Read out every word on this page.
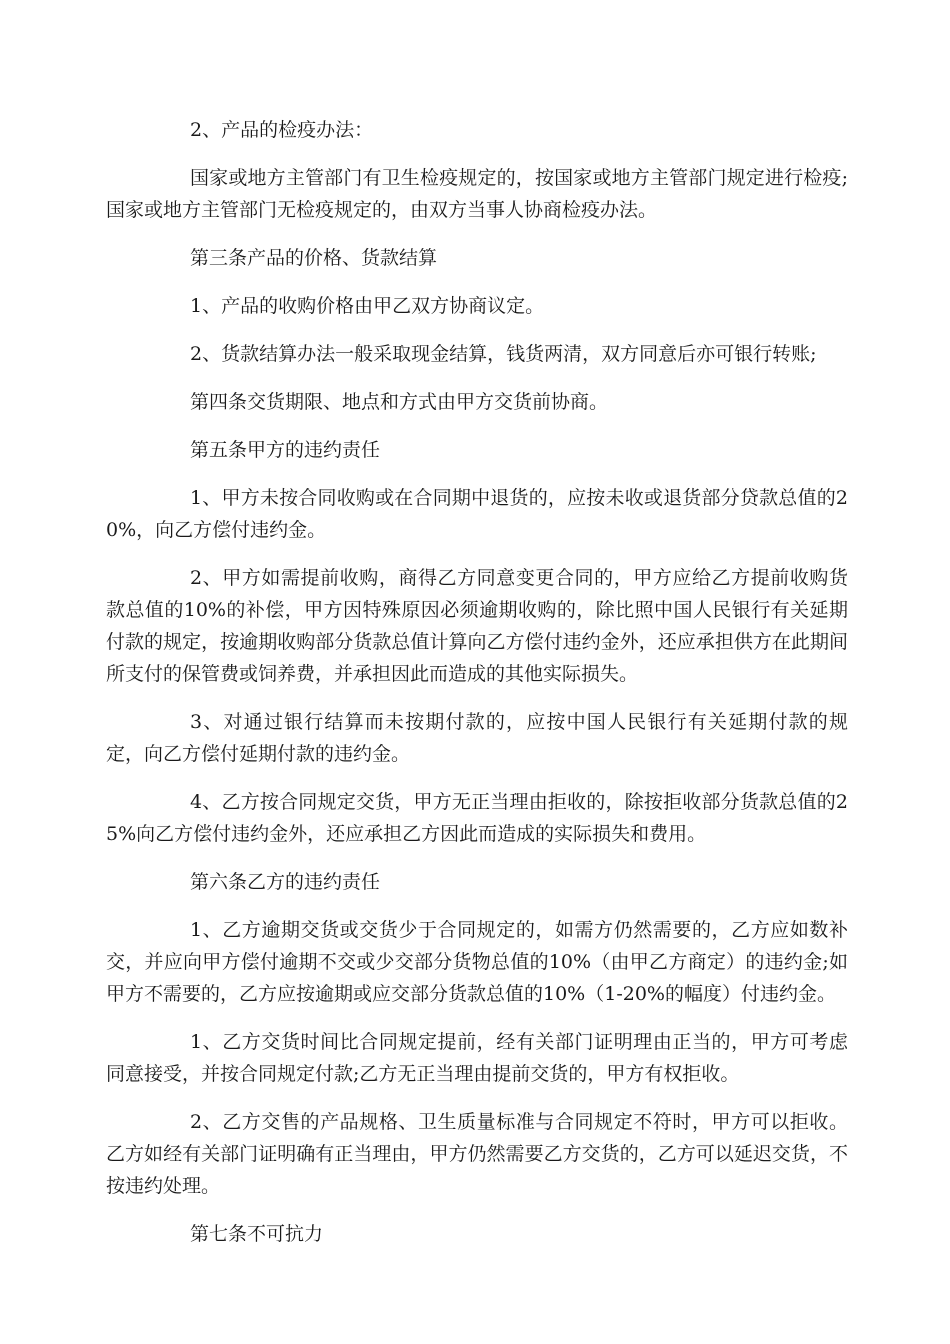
2、产品的检疫办法：

国家或地方主管部门有卫生检疫规定的，按国家或地方主管部门规定进行检疫;国家或地方主管部门无检疫规定的，由双方当事人协商检疫办法。

第三条产品的价格、货款结算

1、产品的收购价格由甲乙双方协商议定。

2、货款结算办法一般采取现金结算，钱货两清，双方同意后亦可银行转账;

第四条交货期限、地点和方式由甲方交货前协商。

第五条甲方的违约责任

1、甲方未按合同收购或在合同期中退货的，应按未收或退货部分贷款总值的20%，向乙方偿付违约金。

2、甲方如需提前收购，商得乙方同意变更合同的，甲方应给乙方提前收购货款总值的10%的补偿，甲方因特殊原因必须逾期收购的，除比照中国人民银行有关延期付款的规定，按逾期收购部分货款总值计算向乙方偿付违约金外，还应承担供方在此期间所支付的保管费或饲养费，并承担因此而造成的其他实际损失。

3、对通过银行结算而未按期付款的，应按中国人民银行有关延期付款的规定，向乙方偿付延期付款的违约金。

4、乙方按合同规定交货，甲方无正当理由拒收的，除按拒收部分货款总值的25%向乙方偿付违约金外，还应承担乙方因此而造成的实际损失和费用。

第六条乙方的违约责任

1、乙方逾期交货或交货少于合同规定的，如需方仍然需要的，乙方应如数补交，并应向甲方偿付逾期不交或少交部分货物总值的10%（由甲乙方商定）的违约金;如甲方不需要的，乙方应按逾期或应交部分货款总值的10%（1-20%的幅度）付违约金。

1、乙方交货时间比合同规定提前，经有关部门证明理由正当的，甲方可考虑同意接受，并按合同规定付款;乙方无正当理由提前交货的，甲方有权拒收。

2、乙方交售的产品规格、卫生质量标准与合同规定不符时，甲方可以拒收。乙方如经有关部门证明确有正当理由，甲方仍然需要乙方交货的，乙方可以延迟交货，不按违约处理。

第七条不可抗力
